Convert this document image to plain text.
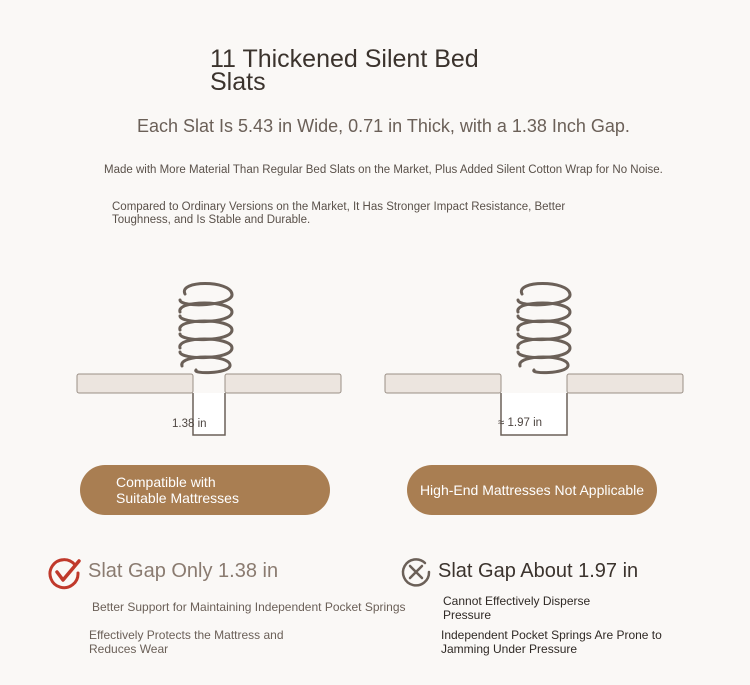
11 Thickened Silent Bed Slats
Each Slat Is 5.43 in Wide, 0.71 in Thick, with a 1.38 Inch Gap.
Made with More Material Than Regular Bed Slats on the Market, Plus Added Silent Cotton Wrap for No Noise.
Compared to Ordinary Versions on the Market, It Has Stronger Impact Resistance, Better Toughness, and Is Stable and Durable.
1.38 in	≈ 1.97 in
Compatible with Suitable Mattresses	High-End Mattresses Not Applicable
Slat Gap Only 1.38 in
Better Support for Maintaining Independent Pocket Springs
Effectively Protects the Mattress and Reduces Wear
Slat Gap About 1.97 in
Cannot Effectively Disperse Pressure
Independent Pocket Springs Are Prone to Jamming Under Pressure
